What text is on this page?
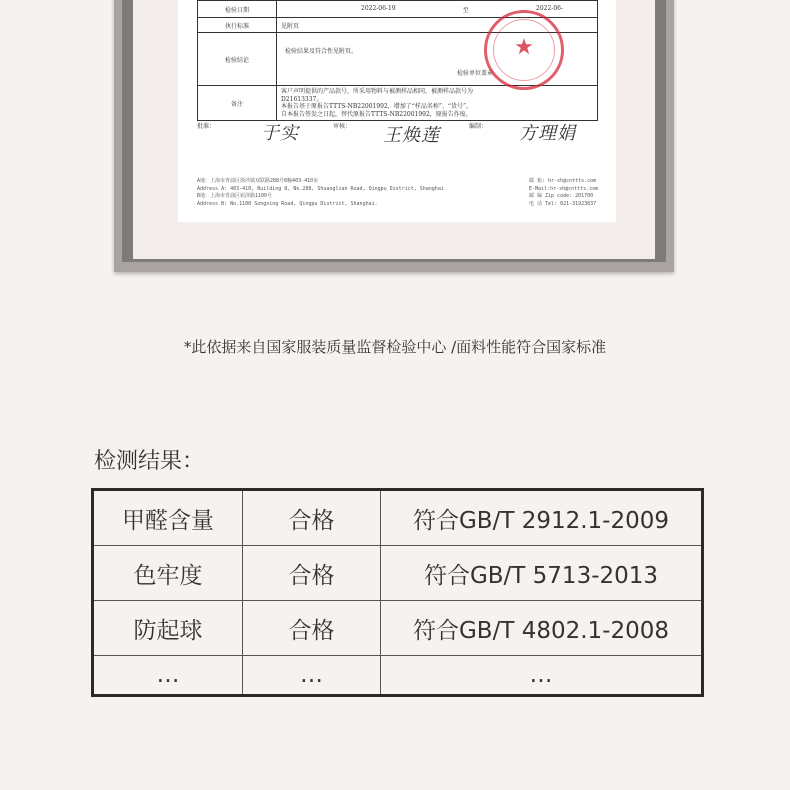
检验日期	2022-06-19 至 2022-06-

执行标准	见附页
检验结论	检验结果及符合性见附页。
检验单位盖章

备注	客户声明提供的产品款号，所采用物料与被测样品相同，被测样品款号为
D21613337。
本报告基于原报告TTTS-NB22001992，增加了“样品名称”、“货号”。
自本报告签发之日起，替代原报告TTTS-NB22001992，原报告作废。
★
批准：	于实	审核： 王焕莲	编制： 方理娟
A地：上海市青浦区徐泾镇双联路288号8幢403-410室
Address A: 403-410, Building 8, No.288, Shuanglian Road, Qingpu District, Shanghai
B地：上海市青浦区崧泽路1100号
Address B: No.1100 Songxing Road, Qingpu District, Shanghai.
邮 箱: hr-sh@cnttts.com
E-Mail:hr-sh@cnttts.com
邮 编 Zip code: 201700
电 话 Tel: 021-31923837
*此依据来自国家服装质量监督检验中心 /面料性能符合国家标准
检测结果：
甲醛含量	合格	符合GB/T 2912.1-2009
色牢度	合格	符合GB/T 5713-2013
防起球	合格	符合GB/T 4802.1-2008
…	…	…
